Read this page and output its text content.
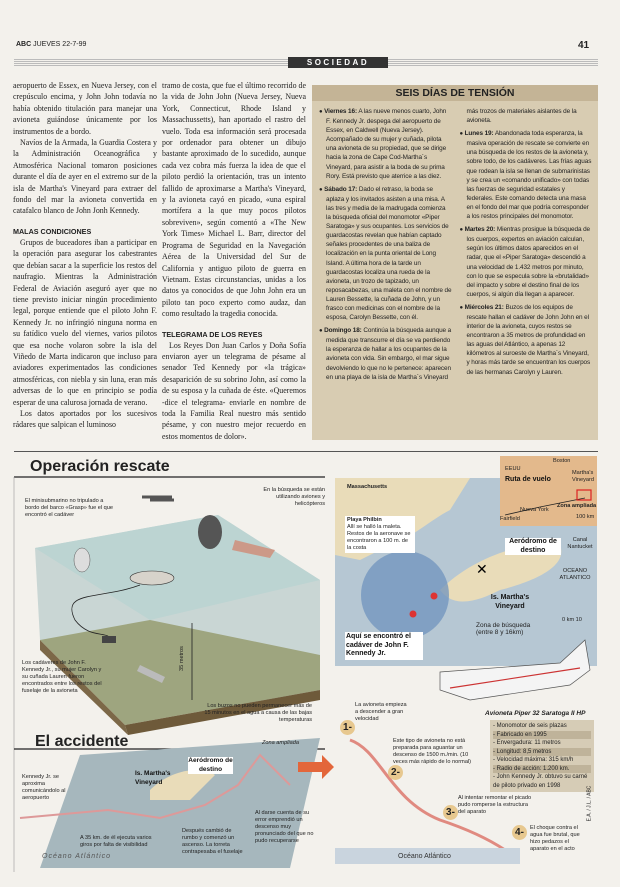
ABC JUEVES 22-7-99	41
SOCIEDAD

aeropuerto de Essex, en Nueva Jersey, con el crepúsculo encima, y John John todavía no había obtenido titulación para manejar una avioneta guiándose únicamente por los instrumentos de a bordo.

Navíos de la Armada, la Guardia Costera y la Administración Oceanográfica y Atmosférica Nacional tomaron posiciones durante el día de ayer en el extremo sur de la isla de Martha's Vineyard para extraer del fondo del mar la avioneta convertida en catafalco blanco de John Jonh Kennedy.

MALAS CONDICIONES

Grupos de buceadores iban a participar en la operación para asegurar los cabestrantes que debían sacar a la superficie los restos del naufragio. Mientras la Administración Federal de Aviación aseguró ayer que no tiene previsto iniciar ningún procedimiento legal, porque entiende que el piloto John F. Kennedy Jr. no infringió ninguna norma en su fatídico vuelo del viernes, varios pilotos que esa noche volaron sobre la isla del Viñedo de Marta indicaron que incluso para aviadores experimentados las condiciones atmosféricas, con niebla y sin luna, eran más adversas de lo que en principio se podía esperar de una calurosa jornada de verano.

Los datos aportados por los sucesivos rádares que salpican el luminoso

tramo de costa, que fue el último recorrido de la vida de John John (Nueva Jersey, Nueva York, Connecticut, Rhode Island y Massachussetts), han aportado el rastro del vuelo. Toda esa información será procesada por ordenador para obtener un dibujo bastante aproximado de lo sucedido, aunque cada vez cobra más fuerza la idea de que el piloto perdió la orientación, tras un intento fallido de aproximarse a Martha's Vineyard, y la avioneta cayó en picado, «una espiral mortífera a la que muy pocos pilotos sobreviven», según comentó a «The New York Times» Michael L. Barr, director del Programa de Seguridad en la Navegación Aérea de la Universidad del Sur de California y antiguo piloto de guerra en Vietnam. Estas circunstancias, unidas a los datos ya conocidos de que John John era un piloto tan poco experto como audaz, dan como resultado la tragedia conocida.

TELEGRAMA DE LOS REYES

Los Reyes Don Juan Carlos y Doña Sofía enviaron ayer un telegrama de pésame al senador Ted Kennedy por «la trágica» desaparición de su sobrino John, así como la de su esposa y la cuñada de éste. «Queremos -dice el telegrama- enviarle en nombre de toda la Familia Real nuestro más sentido pésame, y con nuestro mejor recuerdo en estos momentos de dolor».

SEIS DÍAS DE TENSIÓN

● Viernes 16: A las nueve menos cuarto, John F. Kennedy Jr. despega del aeropuerto de Essex, en Caldwell (Nueva Jersey). Acompañado de su mujer y cuñada, pilota una avioneta de su propiedad, que se dirige hacia la zona de Cape Cod-Martha´s Vineyard, para asistir a la boda de su prima Rory. Está previsto que aterrice a las diez.

● Sábado 17: Dado el retraso, la boda se aplaza y los invitados asisten a una misa. A las tres y media de la madrugada comienza la búsqueda oficial del monomotor «Piper Saratoga» y sus ocupantes. Los servicios de guardacostas revelan que habían captado señales procedentes de una baliza de localización en la punta oriental de Long Island. A última hora de la tarde un guardacostas localiza una rueda de la avioneta, un trozo de tapizado, un reposacabezas, una maleta con el nombre de Lauren Bessette, la cuñada de John, y un frasco con medicinas con el nombre de la esposa, Carolyn Bessette, con él.

● Domingo 18: Continúa la búsqueda aunque a medida que transcurre el día se va perdiendo la esperanza de hallar a los ocupantes de la avioneta con vida. Sin embargo, el mar sigue devolviendo lo que no le pertenece: aparecen en una playa de la isla de Martha´s Vineyard más trozos de materiales aislantes de la avioneta.

● Lunes 19: Abandonada toda esperanza, la masiva operación de rescate se convierte en una búsqueda de los restos de la avioneta y, sobre todo, de los cadáveres. Las frías aguas que rodean la isla se llenan de submarinistas y se crea un «comando unificado» con todas las fuerzas de seguridad estatales y federales. Este comando detecta una masa en el fondo del mar que podría corresponder a los restos principales del monomotor.

● Martes 20: Mientras prosigue la búsqueda de los cuerpos, expertos en aviación calculan, según los últimos datos aparecidos en el radar, que el «Piper Saratoga» descendió a una velocidad de 1.432 metros por minuto, con lo que se especula sobre la «brutalidad» del impacto y sobre el destino final de los cuerpos, si algún día llegan a aparecer.

● Miércoles 21: Buzos de los equipos de rescate hallan el cadáver de John John en el interior de la avioneta, cuyos restos se encontraron a 35 metros de profundidad en las aguas del Atlántico, a apenas 12 kilómetros al suroeste de Martha´s Vineyard, y horas más tarde se encuentran los cuerpos de las hermanas Carolyn y Lauren.

✕
Operación rescate
El minisubmarino no tripulado a bordo del barco «Grasp» fue el que encontró el cadáver
En la búsqueda se están utilizando aviones y helicópteros
35 metros
Los cadáveres de John F. Kennedy Jr., su mujer Carolyn y su cuñada Lauren fueron encontrados entre los restos del fuselaje de la avioneta
Los buzos no pueden permanecer más de 15 minutos en el agua a causa de las bajas temperaturas
Massachusetts
Playa Philbin
Allí se halló la maleta. Restos de la aeronave se encontraron a 100 m. de la costa
Aeródromo de destino
Canal Nantucket
OCEANO ATLANTICO
Is. Martha's Vineyard
Zona de búsqueda (entre 8 y 16km)
0 km 10
Aquí se encontró el cadáver de John F. Kennedy Jr.
EEUU
Ruta de vuelo
Boston
Martha's Vineyard
Nueva York
Fairfield
Zona ampliada
100 km
Avioneta Piper 32 Saratoga II HP
- Monomotor de seis plazas
- Fabricado en 1995
- Envergadura: 11 metros
- Longitud: 8,5 metros
- Velocidad máxima: 315 km/h
- Radio de acción: 1.200 km.
- John Kennedy Jr. obtuvo su carné de piloto privado en 1998
El accidente
Kennedy Jr. se aproxima comunicándolo al aeropuerto
Is. Martha's Vineyard
Aeródromo de destino
Zona ampliada
A 35 km. de él ejecuta varios giros por falta de visibilidad
Después cambió de rumbo y comenzó un ascenso. La torreta contrapesaba el fuselaje
Al darse cuenta de su error emprendió un descenso muy pronunciado del que no pudo recuperarse
Océano Atlántico
1-
La avioneta empieza a descender a gran velocidad
2-
Este tipo de avioneta no está preparada para aguantar un descenso de 1500 m./min. (10 veces más rápido de lo normal)
3-
Al intentar remontar el picado pudo romperse la estructura del aparato
4-	El choque contra el agua fue brutal, que hizo pedazos el aparato en el acto
Océano Atlántico
E.A. / J.L. / ABC
